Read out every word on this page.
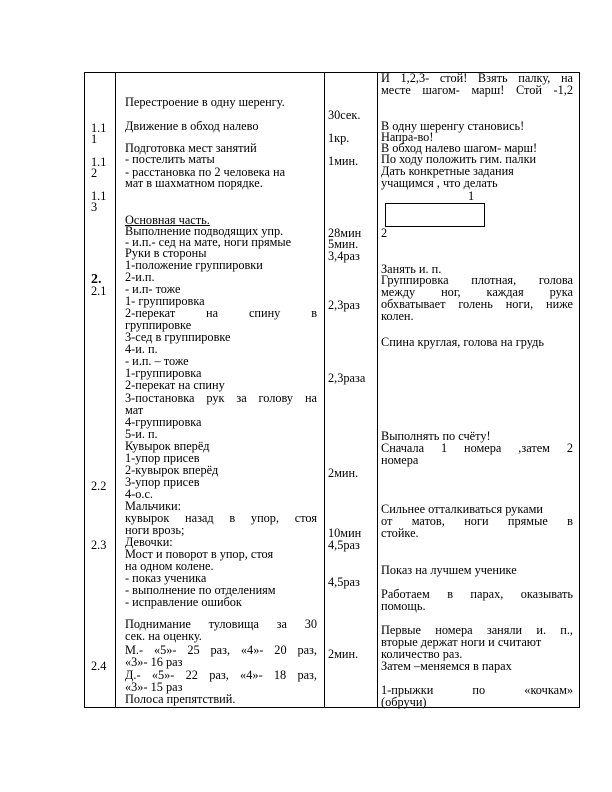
1.1
1
1.1
2
1.1
3
2.
2.1
2.2
2.3
2.4
Перестроение в одну шеренгу.
Движение в обход налево
Подготовка мест занятий
- постелить маты
- расстановка по 2 человека на
мат в шахматном порядке.
Основная часть.
Выполнение подводящих упр.
- и.п.- сед на мате, ноги прямые
Руки в стороны
1-положение группировки
2-и.п.
- и.п- тоже
1- группировка
2-перекат на спину в
группировке
3-сед в группировке
4-и. п.
- и.п. – тоже
1-группировка
2-перекат на спину
3-постановка рук за голову на
мат
4-группировка
5-и. п.
Кувырок вперёд
1-упор присев
2-кувырок вперёд
3-упор присев
4-о.с.
Мальчики:
кувырок назад в упор, стоя
ноги врозь;
Девочки:
Мост и поворот в упор, стоя
на одном колене.
- показ ученика
- выполнение по отделениям
- исправление ошибок
Поднимание туловища за 30
сек. на оценку.
М.- «5»- 25 раз, «4»- 20 раз,
«3»- 16 раз
Д.- «5»- 22 раз, «4»- 18 раз,
«3»- 15 раз
Полоса препятствий.
30сек.
1кр.
1мин.
28мин
5мин.
3,4раз
2,3раз
2,3раза
2мин.
10мин
4,5раз
4,5раз
2мин.
И 1,2,3- стой! Взять палку, на
месте шагом- марш! Стой -1,2
В одну шеренгу становись!
Напра-во!
В обход налево шагом- марш!
По ходу положить гим. палки
Дать конкретные задания
учащимся , что делать
1
2
Занять и. п.
Группировка плотная, голова
между ног, каждая рука
обхватывает голень ноги, ниже
колен.
Спина круглая, голова на грудь
Выполнять по счёту!
Сначала 1 номера ,затем 2
номера
Сильнее отталкиваться руками
от матов, ноги прямые в
стойке.
Показ на лучшем ученике
Работаем в парах, оказывать
помощь.
Первые номера заняли и. п.,
вторые держат ноги и считают
количество раз.
Затем –меняемся в парах
1-прыжки по «кочкам»
(обручи)
